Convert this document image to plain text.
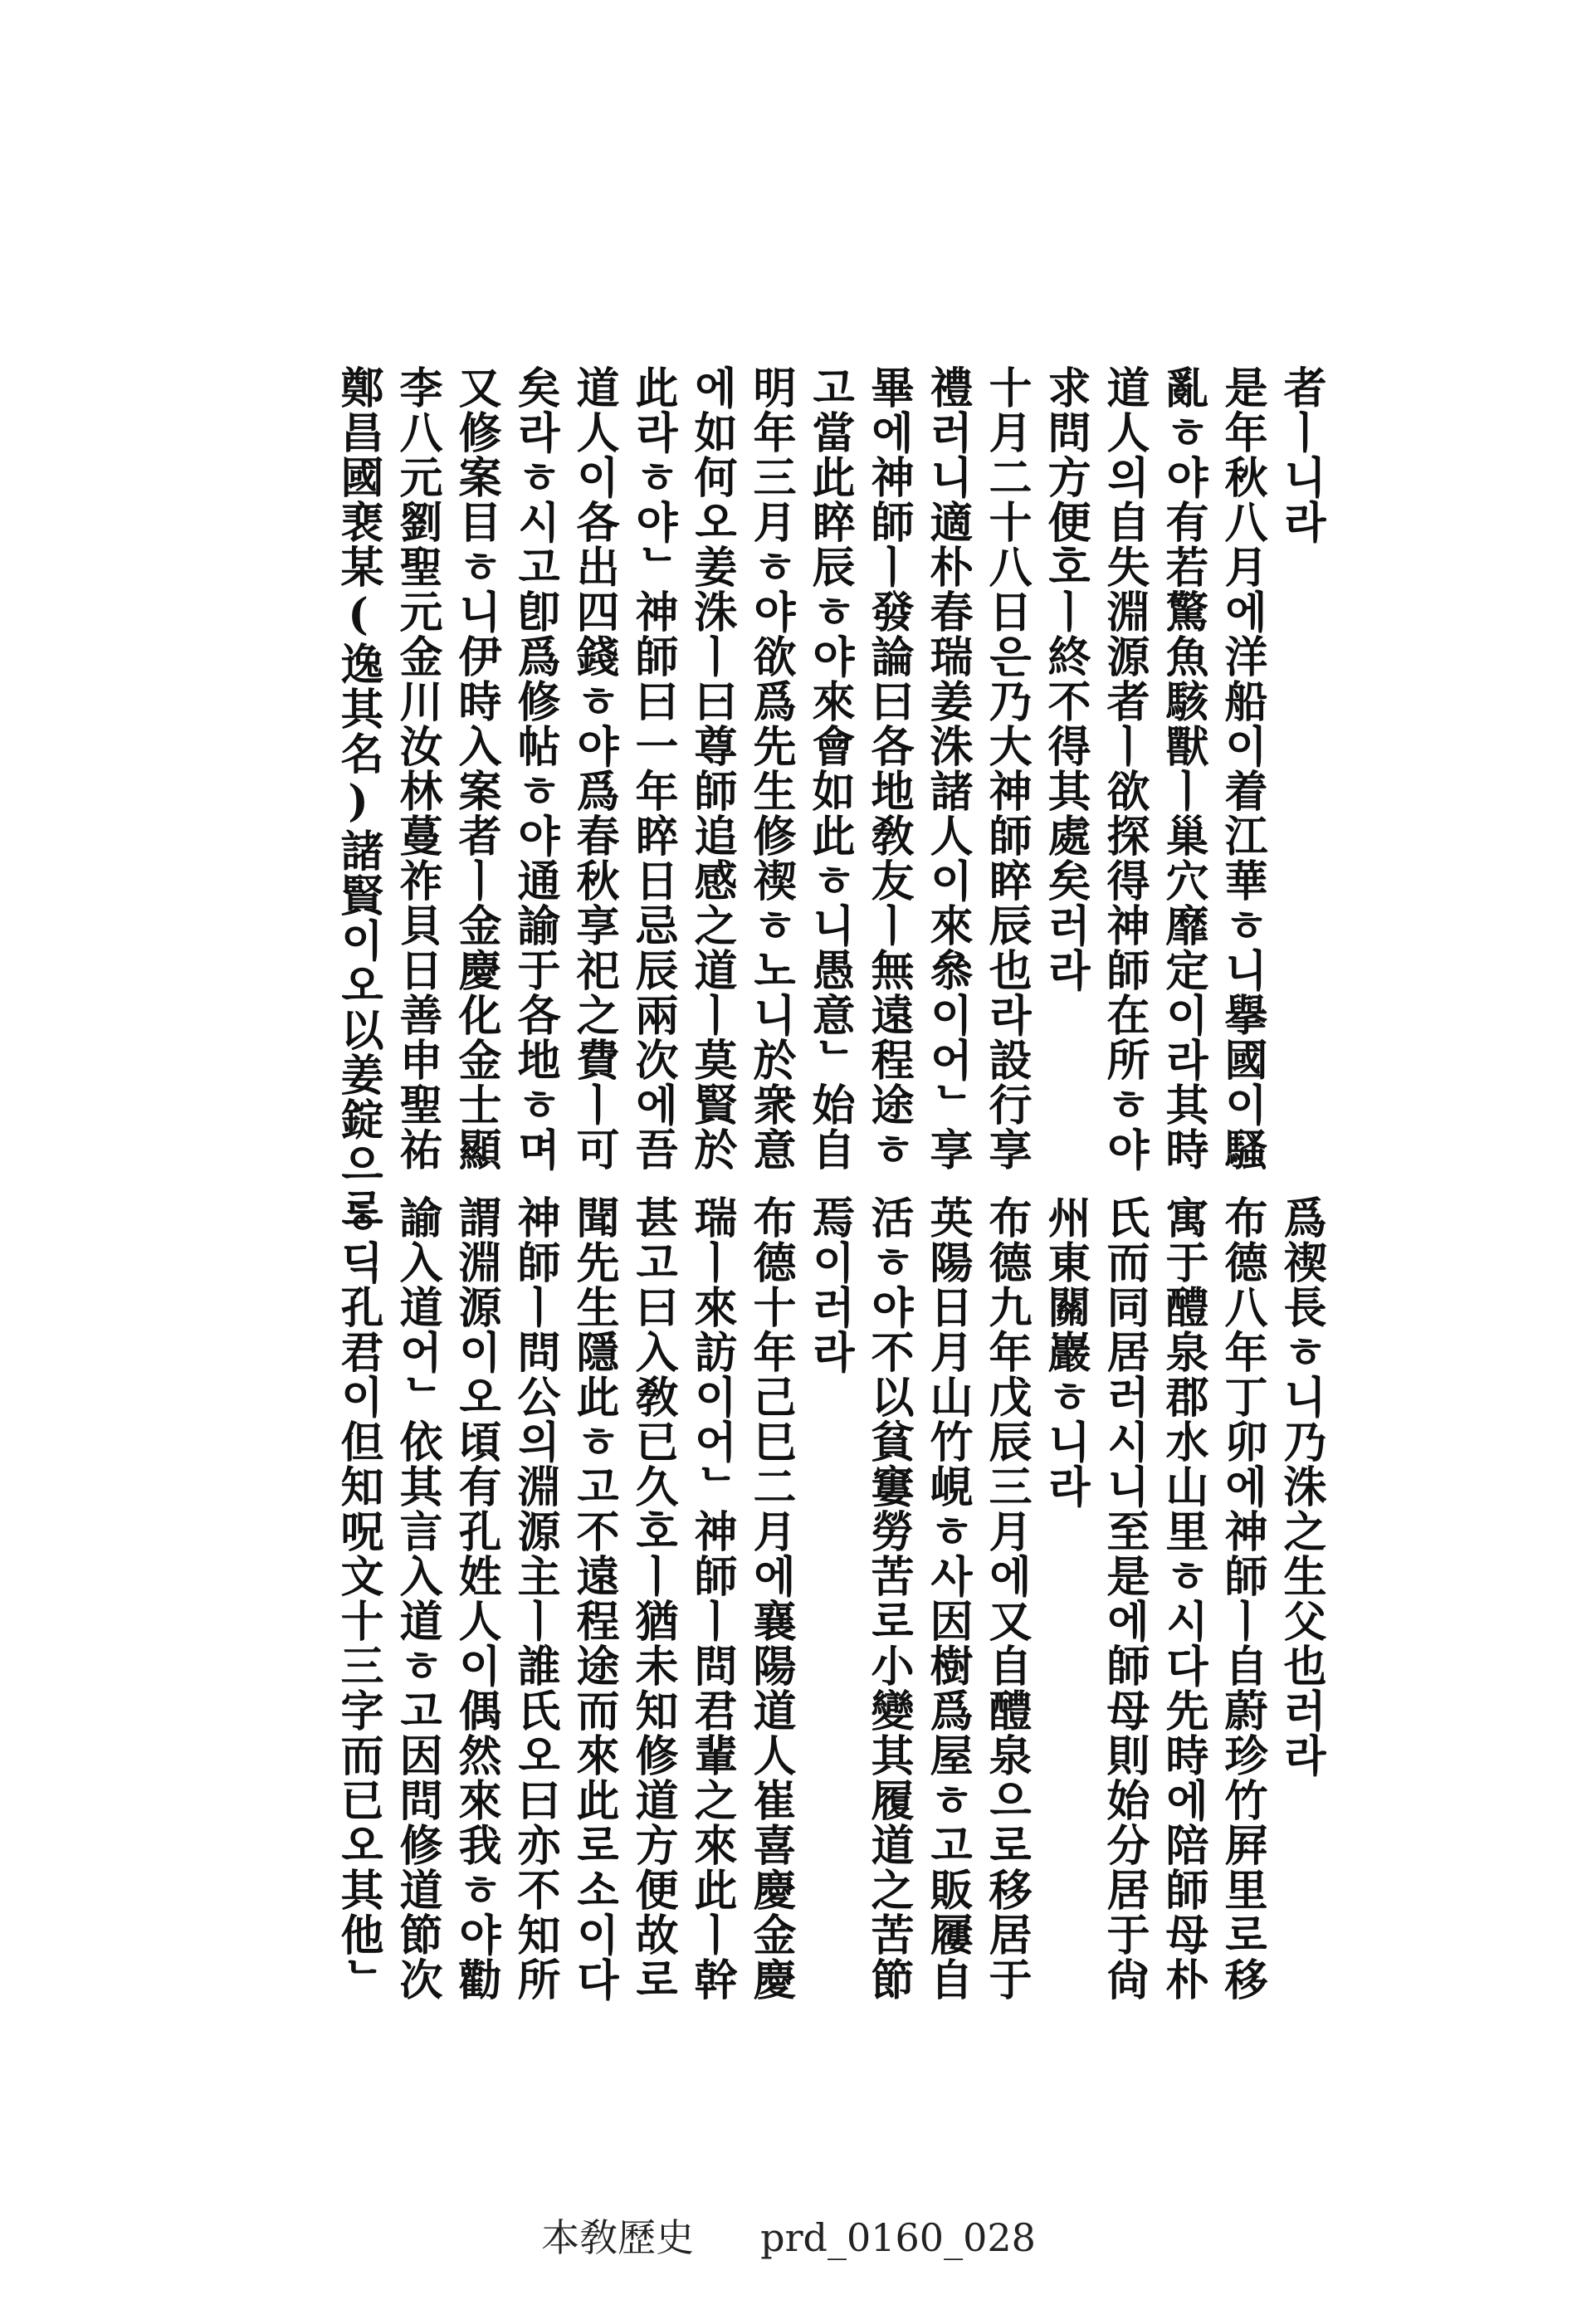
者ㅣ니라
是年秋八月에洋船이着江華ㅎ니擧國이騷
亂ㅎ야有若驚魚駭獸ㅣ巢穴靡定이라其時
道人의自失淵源者ㅣ欲探得神師在所ㅎ야
求問方便호ㅣ終不得其處矣러라
十月二十八日은乃大神師睟辰也라設行享
禮러니適朴春瑞姜洙諸人이來叅이어ᄂ享
畢에神師ㅣ發論曰各地敎友ㅣ無遠程途ㅎ
고當此睟辰ㅎ야來會如此ㅎ니愚意ᄂ始自
明年三月ㅎ야欲爲先生修禊ㅎ노니於衆意
에如何오姜洙ㅣ曰尊師追感之道ㅣ莫賢於
此라ㅎ야ᄂ神師曰一年睟日忌辰兩次에吾
道人이各出四錢ㅎ야爲春秋享祀之費ㅣ可
矣라ㅎ시고卽爲修帖ㅎ야通諭于各地ㅎ며
又修案目ㅎ니伊時入案者ㅣ金慶化金士顯
李八元劉聖元金川汝林蔓祚⾙日善申聖祐
鄭昌國裵某(逸其名)諸賢이오以姜錠으로
爲禊長ㅎ니乃洙之生父也러라
布德八年丁卯에神師ㅣ自蔚珍竹屛里로移
寓于醴泉郡水山里ㅎ시다先時에陪師母朴
氏而同居러시니至是에師母則始分居于尙
州東關巖ㅎ니라
布德九年戊辰三月에又自醴泉으로移居于
英陽日月山竹峴ㅎ사因樹爲屋ㅎ고販屨自
活ㅎ야不以貧窶勞苦로小變其履道之苦節
焉이러라
布德十年己巳二月에襄陽道人崔喜慶金慶
瑞ㅣ來訪이어ᄂ神師ㅣ問君輩之來此ㅣ幹
甚고曰入敎已久호ㅣ猶未知修道方便故로
聞先生隱此ㅎ고不遠程途而來此로소이다
神師ㅣ問公의淵源主ㅣ誰氏오曰亦不知所
謂淵源이오頃有孔姓人이偶然來我ㅎ야勸
諭入道어ᄂ依其言入道ㅎ고因問修道節次
ㅎ딕孔君이但知呪文十三字而已오其他ᄂ
本敎歷史 prd_0160_028
